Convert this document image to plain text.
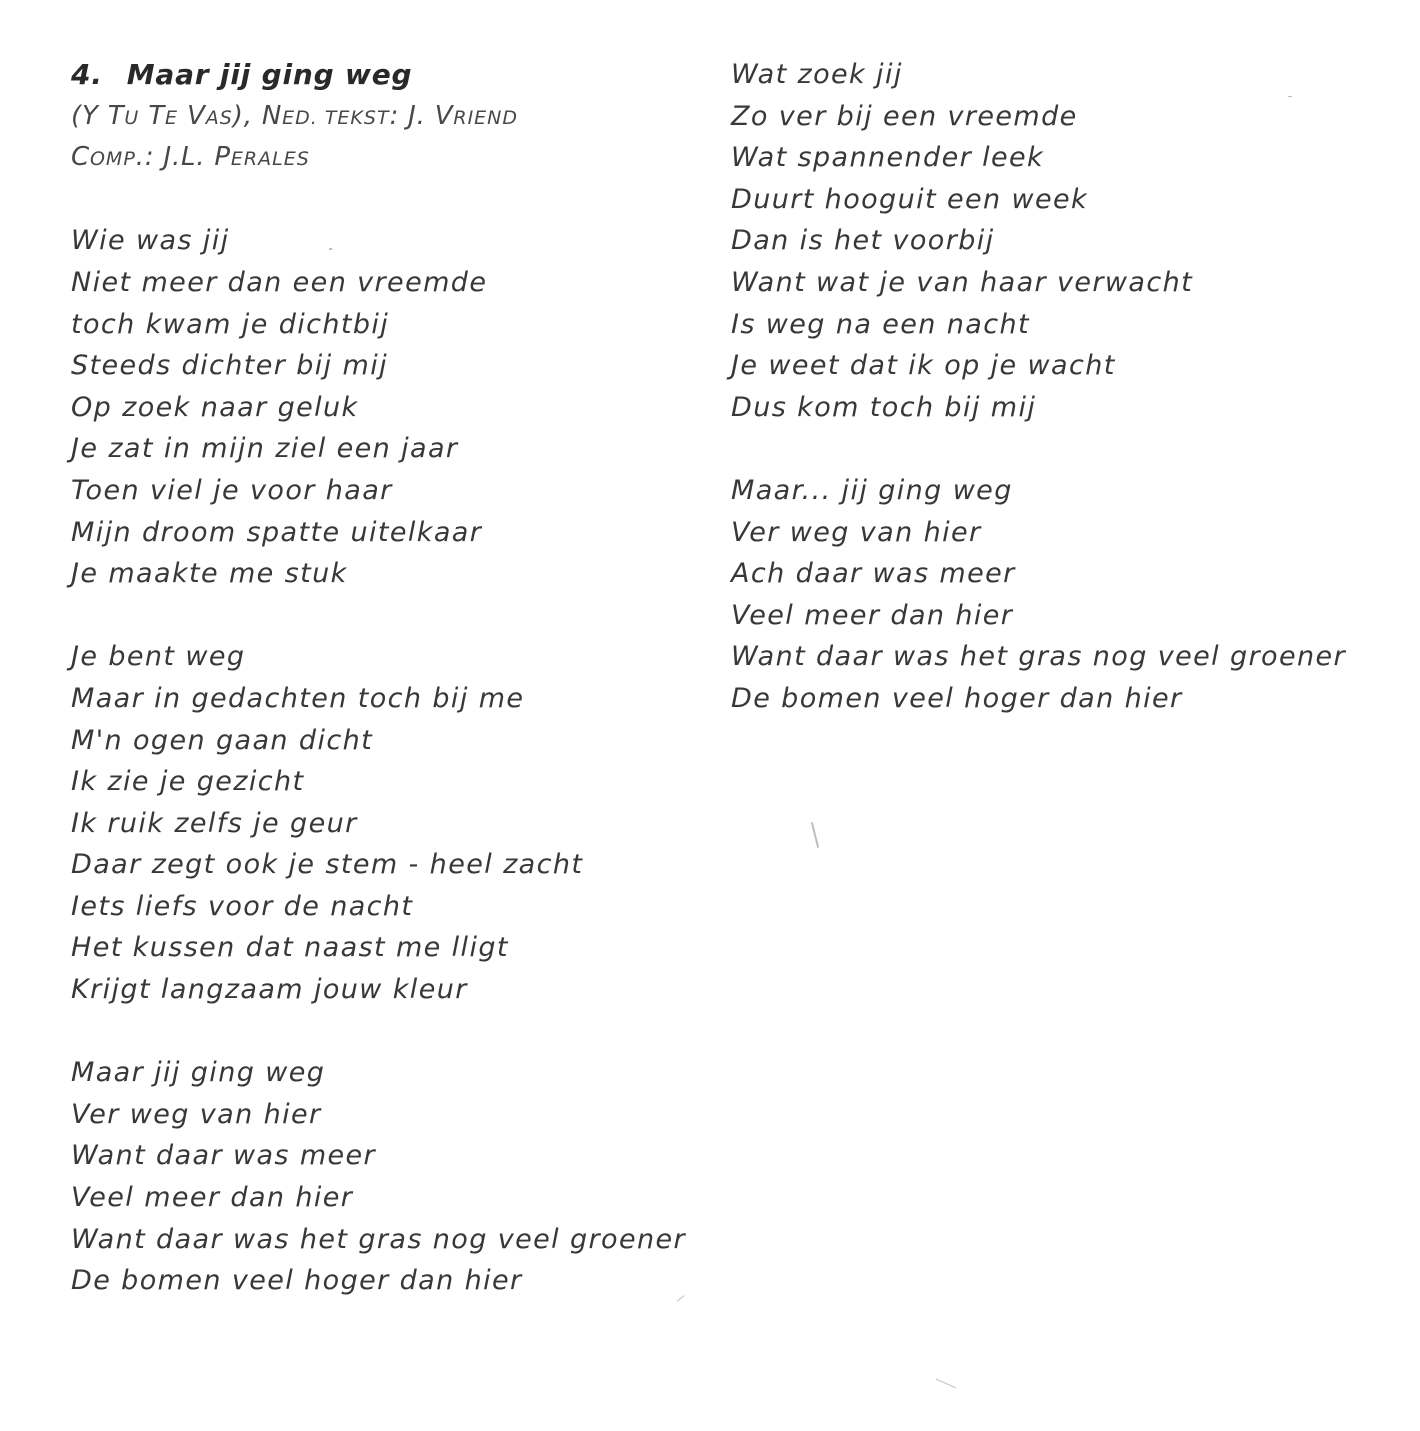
4. Maar jij ging weg
(Y TU TE VAS), NED. TEKST: J. VRIEND
COMP.: J.L. PERALES
Wie was jij
Niet meer dan een vreemde
toch kwam je dichtbij
Steeds dichter bij mij
Op zoek naar geluk
Je zat in mijn ziel een jaar
Toen viel je voor haar
Mijn droom spatte uitelkaar
Je maakte me stuk
Je bent weg
Maar in gedachten toch bij me
M'n ogen gaan dicht
Ik zie je gezicht
Ik ruik zelfs je geur
Daar zegt ook je stem - heel zacht
Iets liefs voor de nacht
Het kussen dat naast me lligt
Krijgt langzaam jouw kleur
Maar jij ging weg
Ver weg van hier
Want daar was meer
Veel meer dan hier
Want daar was het gras nog veel groener
De bomen veel hoger dan hier
Wat zoek jij
Zo ver bij een vreemde
Wat spannender leek
Duurt hooguit een week
Dan is het voorbij
Want wat je van haar verwacht
Is weg na een nacht
Je weet dat ik op je wacht
Dus kom toch bij mij
Maar... jij ging weg
Ver weg van hier
Ach daar was meer
Veel meer dan hier
Want daar was het gras nog veel groener
De bomen veel hoger dan hier
